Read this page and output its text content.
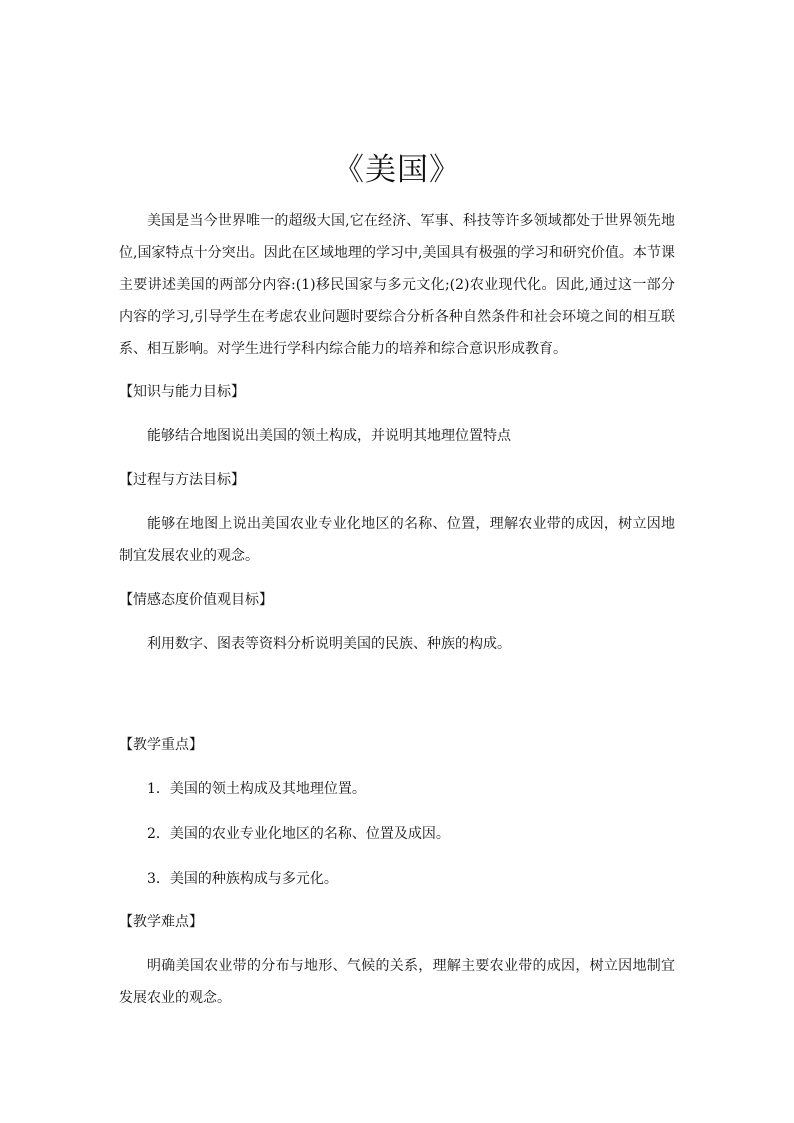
《美国》
美国是当今世界唯一的超级大国,它在经济、军事、科技等许多领域都处于世界领先地位,国家特点十分突出。因此在区域地理的学习中,美国具有极强的学习和研究价值。本节课主要讲述美国的两部分内容:(1)移民国家与多元文化;(2)农业现代化。因此,通过这一部分内容的学习,引导学生在考虑农业问题时要综合分析各种自然条件和社会环境之间的相互联系、相互影响。对学生进行学科内综合能力的培养和综合意识形成教育。
【知识与能力目标】
能够结合地图说出美国的领土构成，并说明其地理位置特点
【过程与方法目标】
能够在地图上说出美国农业专业化地区的名称、位置，理解农业带的成因，树立因地制宜发展农业的观念。
【情感态度价值观目标】
利用数字、图表等资料分析说明美国的民族、种族的构成。
【教学重点】
1．美国的领土构成及其地理位置。
2．美国的农业专业化地区的名称、位置及成因。
3．美国的种族构成与多元化。
【教学难点】
明确美国农业带的分布与地形、气候的关系，理解主要农业带的成因，树立因地制宜发展农业的观念。
